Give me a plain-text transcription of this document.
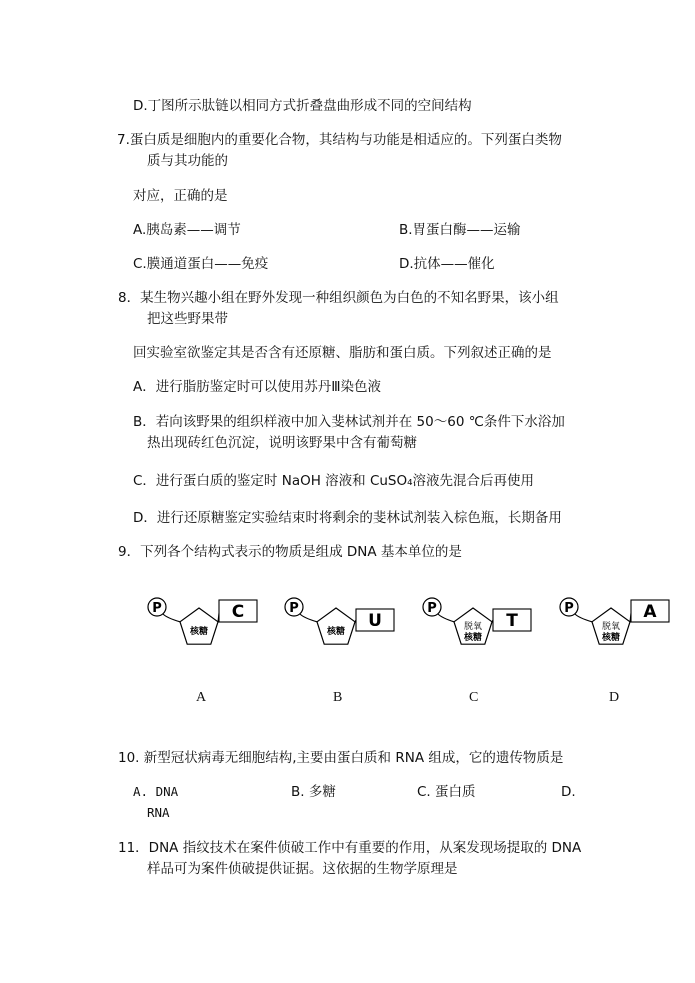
D.丁图所示肽链以相同方式折叠盘曲形成不同的空间结构
7.蛋白质是细胞内的重要化合物，其结构与功能是相适应的。下列蛋白类物
质与其功能的
对应，正确的是
A.胰岛素——调节	B.胃蛋白酶——运输
C.膜通道蛋白——免疫	D.抗体——催化
8．某生物兴趣小组在野外发现一种组织颜色为白色的不知名野果，该小组
把这些野果带
回实验室欲鉴定其是否含有还原糖、脂肪和蛋白质。下列叙述正确的是
A．进行脂肪鉴定时可以使用苏丹Ⅲ染色液
B．若向该野果的组织样液中加入斐林试剂并在 50～60 ℃条件下水浴加
热出现砖红色沉淀，说明该野果中含有葡萄糖
C．进行蛋白质的鉴定时 NaOH 溶液和 CuSO₄溶液先混合后再使用
D．进行还原糖鉴定实验结束时将剩余的斐林试剂装入棕色瓶，长期备用
9．下列各个结构式表示的物质是组成 DNA 基本单位的是
P
核糖
C	P
核糖
U
P
脱氧
核糖
T
P
脱氧
核糖
A
A	B	C	D
10. 新型冠状病毒无细胞结构,主要由蛋白质和 RNA 组成，它的遗传物质是
A. DNA	B. 多糖	C. 蛋白质	D.
RNA
11．DNA 指纹技术在案件侦破工作中有重要的作用，从案发现场提取的 DNA
样品可为案件侦破提供证据。这依据的生物学原理是
